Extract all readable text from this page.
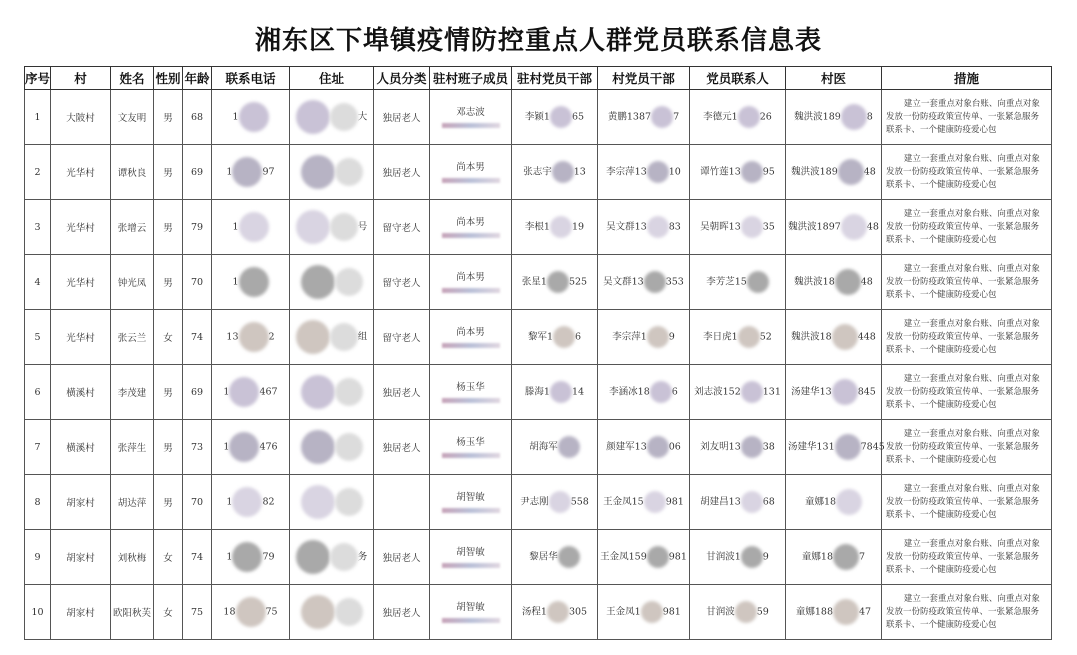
湘东区下埠镇疫情防控重点人群党员联系信息表
序号	村	姓名	性别	年龄	联系电话	住址	人员分类	驻村班子成员	驻村党员干部	村党员干部	党员联系人	村医	措施
1	大陂村	文友明	男	68	1	大	独居老人	邓志波	李颖1 65	黄鹏1387 7	李德元1 26	魏洪波189 8	建立一套重点对象台账、向重点对象发放一份防疫政策宣传单、一张紧急服务联系卡、一个健康防疫爱心包

2	光华村	谭秋良	男	69	1 97		独居老人	尚本男	张志宇 13	李宗萍13 10	谭竹莲13 95	魏洪波189 48	建立一套重点对象台账、向重点对象发放一份防疫政策宣传单、一张紧急服务联系卡、一个健康防疫爱心包

3	光华村	张增云	男	79	1	号	留守老人	尚本男	李根1 19	吴文群13 83	吴朝晖13 35	魏洪波1897 48	建立一套重点对象台账、向重点对象发放一份防疫政策宣传单、一张紧急服务联系卡、一个健康防疫爱心包

4	光华村	钟光凤	男	70	1		留守老人	尚本男	张星1 525	吴文群13 353	李芳芝15	魏洪波18 48	建立一套重点对象台账、向重点对象发放一份防疫政策宣传单、一张紧急服务联系卡、一个健康防疫爱心包

5	光华村	张云兰	女	74	13 2	组	留守老人	尚本男	黎军1 6	李宗萍1 9	李日虎1 52	魏洪波18 448	建立一套重点对象台账、向重点对象发放一份防疫政策宣传单、一张紧急服务联系卡、一个健康防疫爱心包

6	横溪村	李茂建	男	69	1 467		独居老人	杨玉华	滕海1 14	李涵冰18 6	刘志波152 131	汤建华13 845	建立一套重点对象台账、向重点对象发放一份防疫政策宣传单、一张紧急服务联系卡、一个健康防疫爱心包

7	横溪村	张萍生	男	73	1 476		独居老人	杨玉华	胡海军	颜建军13 06	刘友明13 38	汤建华131 7845	建立一套重点对象台账、向重点对象发放一份防疫政策宣传单、一张紧急服务联系卡、一个健康防疫爱心包

8	胡家村	胡达萍	男	70	1 82			胡智敏	尹志刚 558	王金凤15 981	胡建昌13 68	童娜18	建立一套重点对象台账、向重点对象发放一份防疫政策宣传单、一张紧急服务联系卡、一个健康防疫爱心包

9	胡家村	刘秋梅	女	74	1 79	务	独居老人	胡智敏	黎居华	王金凤159 981	甘润波1 9	童娜18 7	建立一套重点对象台账、向重点对象发放一份防疫政策宣传单、一张紧急服务联系卡、一个健康防疫爱心包

10	胡家村	欧阳秋芙	女	75	18 75		独居老人	胡智敏	汤程1 305	王金凤1 981	甘润波 59	童娜188 47	建立一套重点对象台账、向重点对象发放一份防疫政策宣传单、一张紧急服务联系卡、一个健康防疫爱心包
